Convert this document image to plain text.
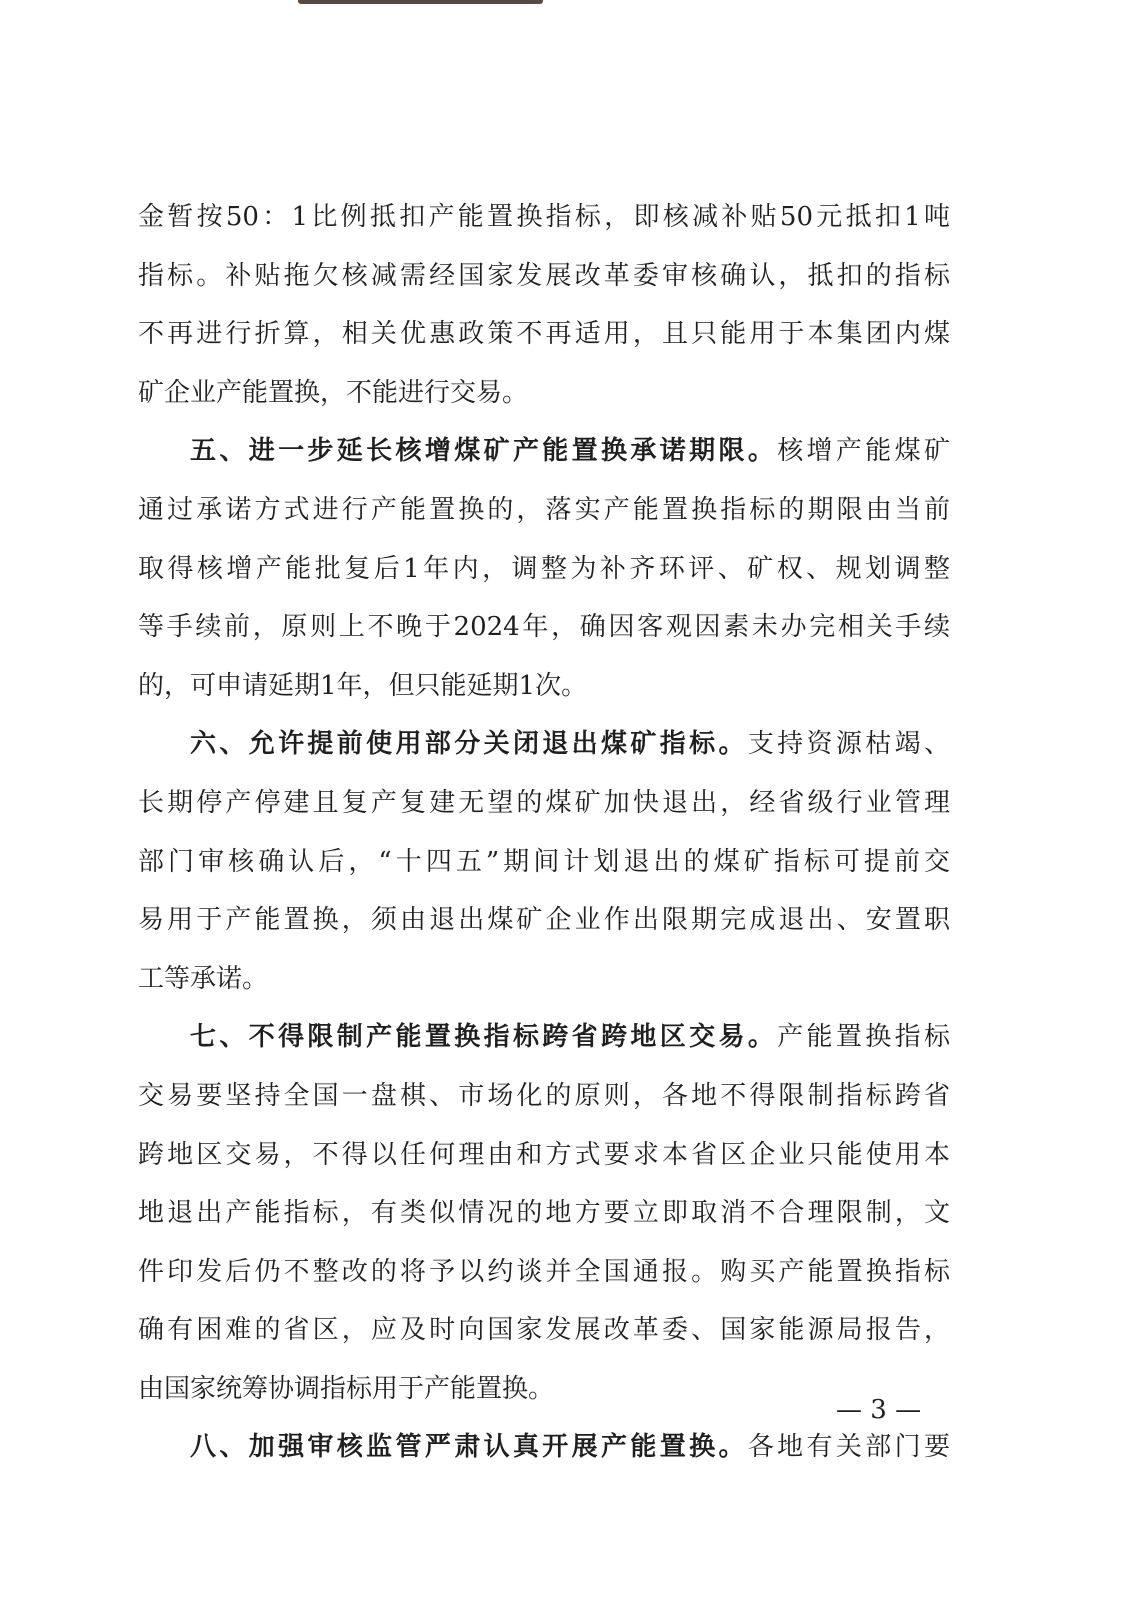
金暂按50：1比例抵扣产能置换指标，即核减补贴50元抵扣1吨
指标。补贴拖欠核减需经国家发展改革委审核确认，抵扣的指标
不再进行折算，相关优惠政策不再适用，且只能用于本集团内煤
矿企业产能置换，不能进行交易。
五、进一步延长核增煤矿产能置换承诺期限。核增产能煤矿
通过承诺方式进行产能置换的，落实产能置换指标的期限由当前
取得核增产能批复后1年内，调整为补齐环评、矿权、规划调整
等手续前，原则上不晚于2024年，确因客观因素未办完相关手续
的，可申请延期1年，但只能延期1次。
六、允许提前使用部分关闭退出煤矿指标。支持资源枯竭、
长期停产停建且复产复建无望的煤矿加快退出，经省级行业管理
部门审核确认后，“十四五”期间计划退出的煤矿指标可提前交
易用于产能置换，须由退出煤矿企业作出限期完成退出、安置职
工等承诺。
七、不得限制产能置换指标跨省跨地区交易。产能置换指标
交易要坚持全国一盘棋、市场化的原则，各地不得限制指标跨省
跨地区交易，不得以任何理由和方式要求本省区企业只能使用本
地退出产能指标，有类似情况的地方要立即取消不合理限制，文
件印发后仍不整改的将予以约谈并全国通报。购买产能置换指标
确有困难的省区，应及时向国家发展改革委、国家能源局报告，
由国家统筹协调指标用于产能置换。
八、加强审核监管严肃认真开展产能置换。各地有关部门要
— 3 —
